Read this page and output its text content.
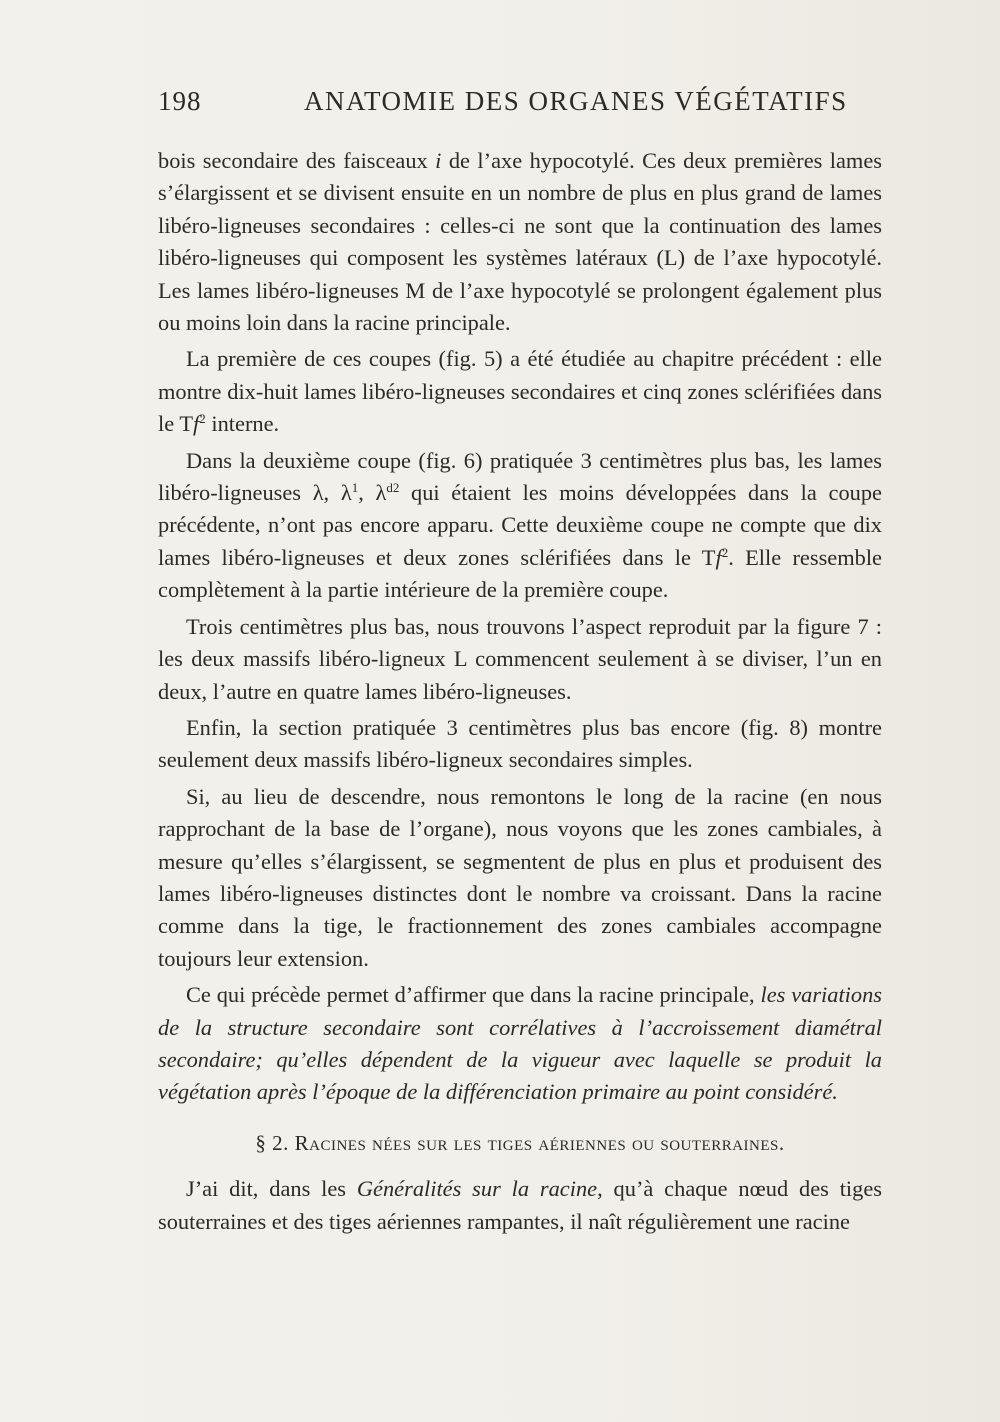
198	ANATOMIE DES ORGANES VÉGÉTATIFS

bois secondaire des faisceaux i de l’axe hypocotylé. Ces deux premières lames s’élargissent et se divisent ensuite en un nombre de plus en plus grand de lames libéro-ligneuses secondaires : celles-ci ne sont que la continuation des lames libéro-ligneuses qui composent les systèmes latéraux (L) de l’axe hypocotylé. Les lames libéro-ligneuses M de l’axe hypocotylé se prolongent également plus ou moins loin dans la racine principale.

La première de ces coupes (fig. 5) a été étudiée au chapitre précédent : elle montre dix-huit lames libéro-ligneuses secondaires et cinq zones sclérifiées dans le Tf$^2$ interne.

Dans la deuxième coupe (fig. 6) pratiquée 3 centimètres plus bas, les lames libéro-ligneuses λ, $\lambda^1$, $\lambda^{d2}$ qui étaient les moins développées dans la coupe précédente, n’ont pas encore apparu. Cette deuxième coupe ne compte que dix lames libéro-ligneuses et deux zones sclérifiées dans le Tf$^2$. Elle ressemble complètement à la partie intérieure de la première coupe.

Trois centimètres plus bas, nous trouvons l’aspect reproduit par la figure 7 : les deux massifs libéro-ligneux L commencent seulement à se diviser, l’un en deux, l’autre en quatre lames libéro-ligneuses.

Enfin, la section pratiquée 3 centimètres plus bas encore (fig. 8) montre seulement deux massifs libéro-ligneux secondaires simples.

Si, au lieu de descendre, nous remontons le long de la racine (en nous rapprochant de la base de l’organe), nous voyons que les zones cambiales, à mesure qu’elles s’élargissent, se segmentent de plus en plus et produisent des lames libéro-ligneuses distinctes dont le nombre va croissant. Dans la racine comme dans la tige, le fractionnement des zones cambiales accompagne toujours leur extension.

Ce qui précède permet d’affirmer que dans la racine principale, les variations de la structure secondaire sont corrélatives à l’accroissement diamétral secondaire; qu’elles dépendent de la vigueur avec laquelle se produit la végétation après l’époque de la différenciation primaire au point considéré.

§ 2. Racines nées sur les tiges aériennes ou souterraines.

J’ai dit, dans les Généralités sur la racine, qu’à chaque nœud des tiges souterraines et des tiges aériennes rampantes, il naît régulièrement une racine
